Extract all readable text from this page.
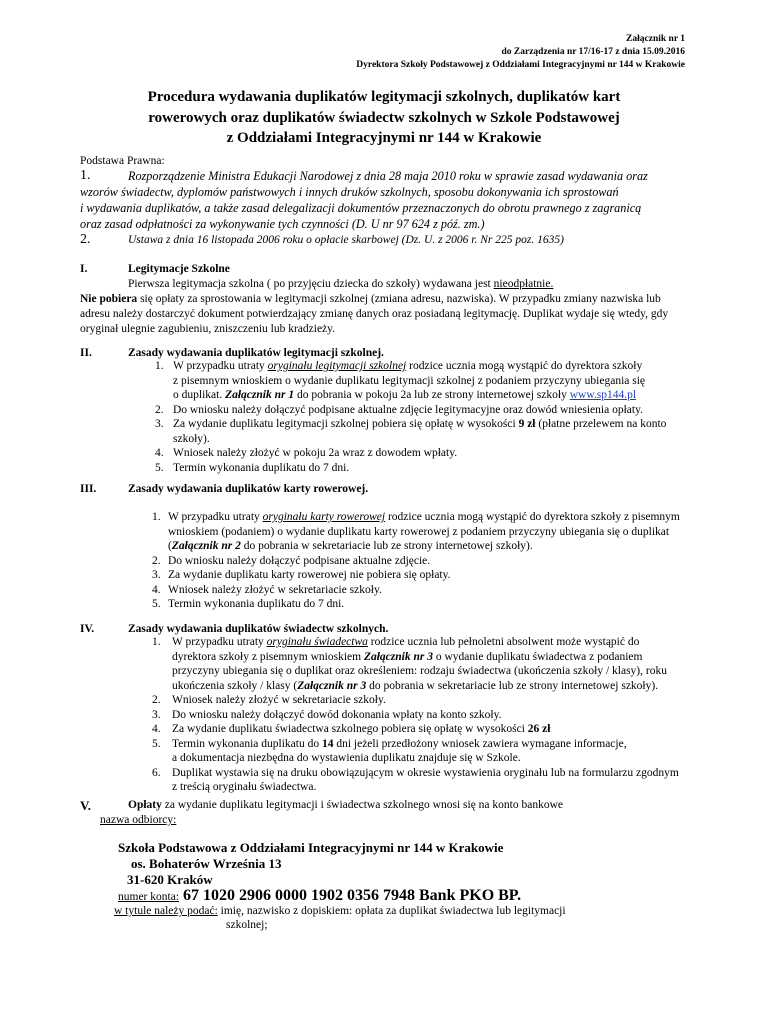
Załącznik nr 1
do Zarządzenia nr 17/16-17 z dnia 15.09.2016
Dyrektora Szkoły Podstawowej z Oddziałami Integracyjnymi nr 144 w Krakowie
Procedura wydawania duplikatów legitymacji szkolnych, duplikatów kart
rowerowych oraz duplikatów świadectw szkolnych w Szkole Podstawowej
z Oddziałami Integracyjnymi nr 144 w Krakowie

Podstawa Prawna:

1.	Rozporządzenie Ministra Edukacji Narodowej z dnia 28 maja 2010 roku w sprawie zasad wydawania oraz
wzorów świadectw, dyplomów państwowych i innych druków szkolnych, sposobu dokonywania ich sprostowań
i wydawania duplikatów, a także zasad delegalizacji dokumentów przeznaczonych do obrotu prawnego z zagranicą
oraz zasad odpłatności za wykonywanie tych czynności (D. U nr 97 624 z póź. zm.)
2.	Ustawa z dnia 16 listopada 2006 roku o opłacie skarbowej (Dz. U. z 2006 r. Nr 225 poz. 1635)
I.	Legitymacje Szkolne
Pierwsza legitymacja szkolna ( po przyjęciu dziecka do szkoły) wydawana jest nieodpłatnie.
Nie pobiera się opłaty za sprostowania w legitymacji szkolnej (zmiana adresu, nazwiska). W przypadku zmiany nazwiska lub
adresu należy dostarczyć dokument potwierdzający zmianę danych oraz posiadaną legitymację. Duplikat wydaje się wtedy, gdy
oryginał ulegnie zagubieniu, zniszczeniu lub kradzieży.
II.	Zasady wydawania duplikatów legitymacji szkolnej.
1. W przypadku utraty oryginału legitymacji szkolnej rodzice ucznia mogą wystąpić do dyrektora szkoły
z pisemnym wnioskiem o wydanie duplikatu legitymacji szkolnej z podaniem przyczyny ubiegania się
o duplikat. Załącznik nr 1 do pobrania w pokoju 2a lub ze strony internetowej szkoły www.sp144.pl
2. Do wniosku należy dołączyć podpisane aktualne zdjęcie legitymacyjne oraz dowód wniesienia opłaty.
3. Za wydanie duplikatu legitymacji szkolnej pobiera się opłatę w wysokości 9 zł (płatne przelewem na konto
szkoły).
4. Wniosek należy złożyć w pokoju 2a wraz z dowodem wpłaty.
5. Termin wykonania duplikatu do 7 dni.
III.	Zasady wydawania duplikatów karty rowerowej.
1. W przypadku utraty oryginału karty rowerowej rodzice ucznia mogą wystąpić do dyrektora szkoły z pisemnym
wnioskiem (podaniem) o wydanie duplikatu karty rowerowej z podaniem przyczyny ubiegania się o duplikat
(Załącznik nr 2 do pobrania w sekretariacie lub ze strony internetowej szkoły).
2. Do wniosku należy dołączyć podpisane aktualne zdjęcie.
3. Za wydanie duplikatu karty rowerowej nie pobiera się opłaty.
4. Wniosek należy złożyć w sekretariacie szkoły.
5. Termin wykonania duplikatu do 7 dni.
IV.	Zasady wydawania duplikatów świadectw szkolnych.
1. W przypadku utraty oryginału świadectwa rodzice ucznia lub pełnoletni absolwent może wystąpić do
dyrektora szkoły z pisemnym wnioskiem Załącznik nr 3 o wydanie duplikatu świadectwa z podaniem
przyczyny ubiegania się o duplikat oraz określeniem: rodzaju świadectwa (ukończenia szkoły / klasy), roku
ukończenia szkoły / klasy (Załącznik nr 3 do pobrania w sekretariacie lub ze strony internetowej szkoły).
2. Wniosek należy złożyć w sekretariacie szkoły.
3. Do wniosku należy dołączyć dowód dokonania wpłaty na konto szkoły.
4. Za wydanie duplikatu świadectwa szkolnego pobiera się opłatę w wysokości 26 zł
5. Termin wykonania duplikatu do 14 dni jeżeli przedłożony wniosek zawiera wymagane informacje,
a dokumentacja niezbędna do wystawienia duplikatu znajduje się w Szkole.
6. Duplikat wystawia się na druku obowiązującym w okresie wystawienia oryginału lub na formularzu zgodnym
z treścią oryginału świadectwa.
V.	Opłaty za wydanie duplikatu legitymacji i świadectwa szkolnego wnosi się na konto bankowe
nazwa odbiorcy:
Szkoła Podstawowa z Oddziałami Integracyjnymi nr 144 w Krakowie
os. Bohaterów Września 13
31-620 Kraków
numer konta: 67 1020 2906 0000 1902 0356 7948 Bank PKO BP.
w tytule należy podać: imię, nazwisko z dopiskiem: opłata za duplikat świadectwa lub legitymacji
szkolnej;
